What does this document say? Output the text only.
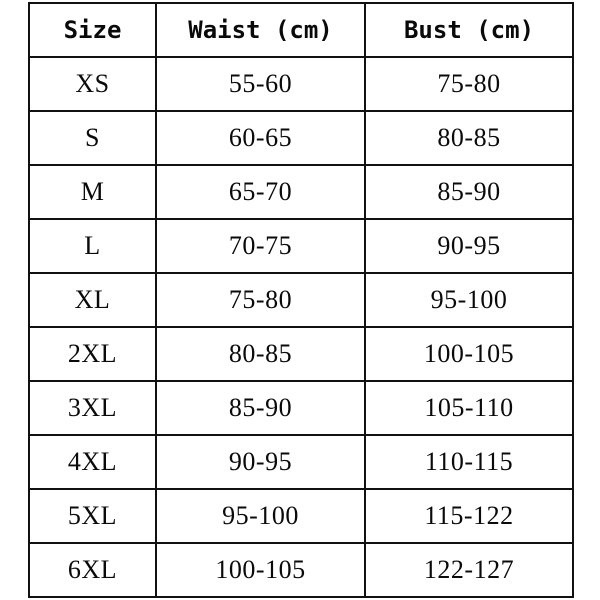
Size	Waist (cm)	Bust (cm)
XS	55-60	75-80
S	60-65	80-85
M	65-70	85-90
L	70-75	90-95
XL	75-80	95-100
2XL	80-85	100-105
3XL	85-90	105-110
4XL	90-95	110-115
5XL	95-100	115-122
6XL	100-105	122-127
